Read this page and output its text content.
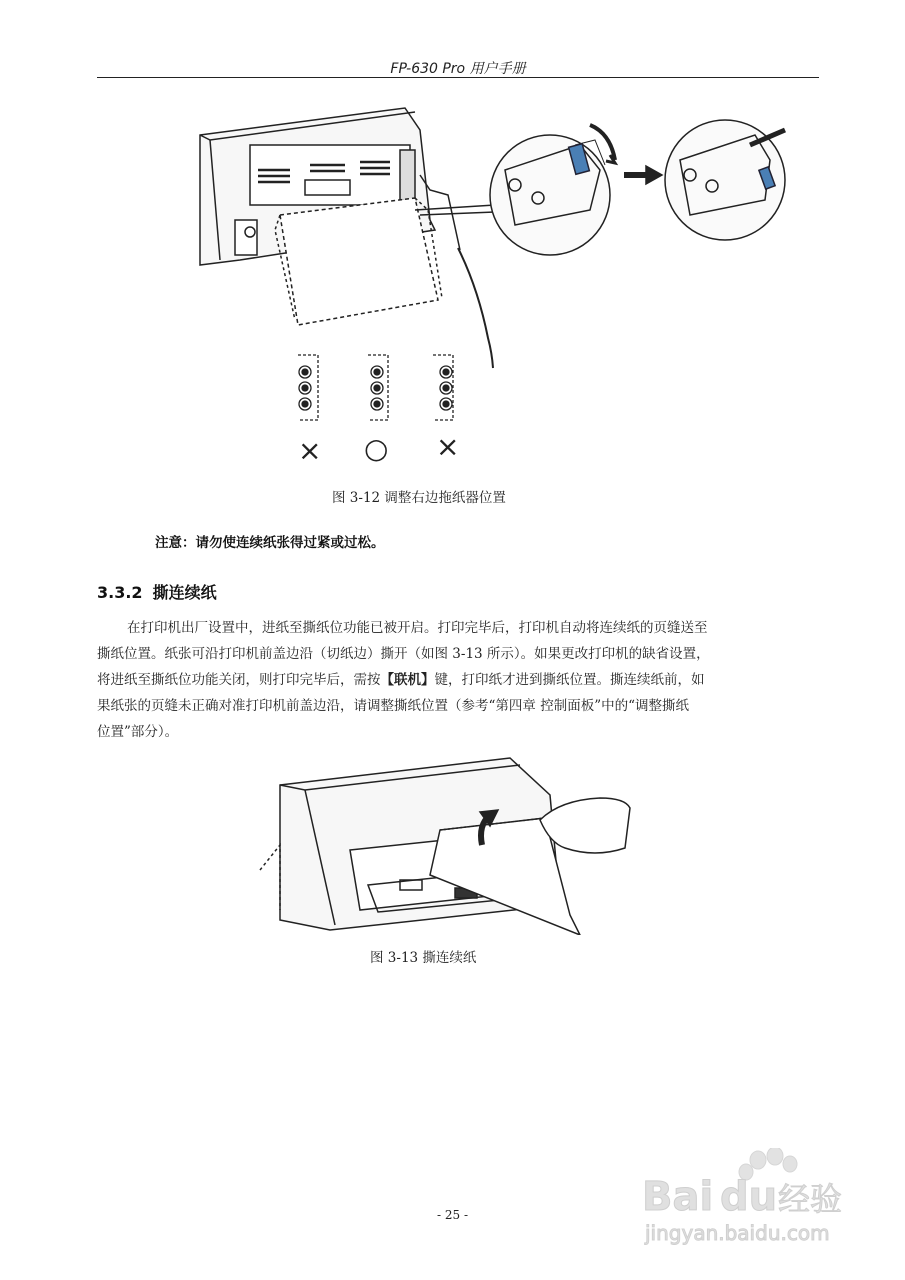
FP-630 Pro 用户手册
× ○ ×
图 3-12 调整右边拖纸器位置
注意：请勿使连续纸张得过紧或过松。
3.3.2 撕连续纸
在打印机出厂设置中，进纸至撕纸位功能已被开启。打印完毕后，打印机自动将连续纸的页缝送至
撕纸位置。纸张可沿打印机前盖边沿（切纸边）撕开（如图 3-13 所示）。如果更改打印机的缺省设置，
将进纸至撕纸位功能关闭，则打印完毕后，需按【联机】键，打印纸才进到撕纸位置。撕连续纸前，如
果纸张的页缝未正确对准打印机前盖边沿，请调整撕纸位置（参考“第四章 控制面板”中的“调整撕纸
位置”部分）。
图 3-13 撕连续纸
Bai du 经验
jingyan.baidu.com
- 25 -
